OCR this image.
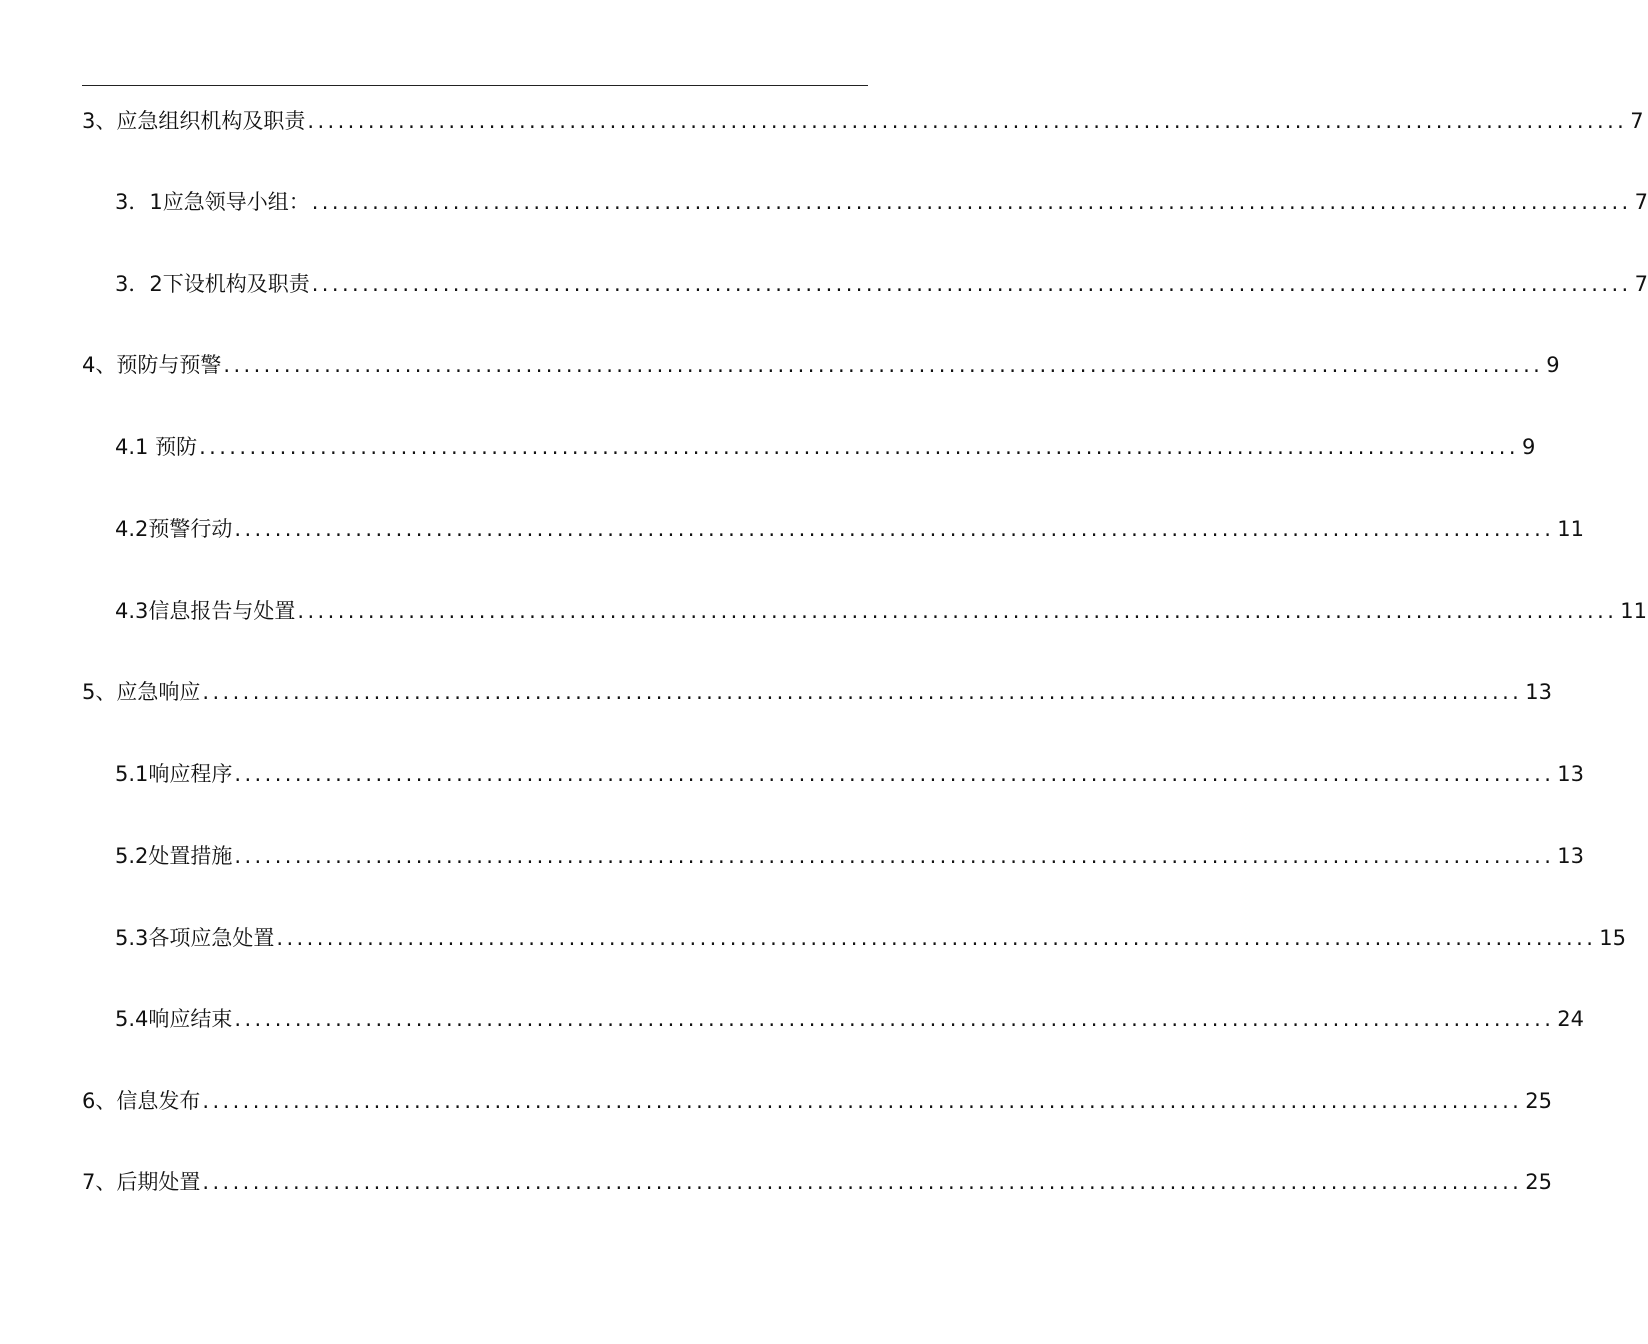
3、 应急组织机构及职责 ................................................................................................................................... 7
3．1 应急领导小组： ................................................................................................................................... 7
3．2 下设机构及职责 ................................................................................................................................... 7
4、 预防与预警 ................................................................................................................................... 9
4.1 预防 ................................................................................................................................... 9
4.2 预警行动 ................................................................................................................................... 11
4.3 信息报告与处置 ................................................................................................................................... 11
5、 应急响应 ................................................................................................................................... 13
5.1 响应程序 ................................................................................................................................... 13
5.2 处置措施 ................................................................................................................................... 13
5.3 各项应急处置 ................................................................................................................................... 15
5.4 响应结束 ................................................................................................................................... 24
6、 信息发布 ................................................................................................................................... 25
7、 后期处置 ................................................................................................................................... 25
